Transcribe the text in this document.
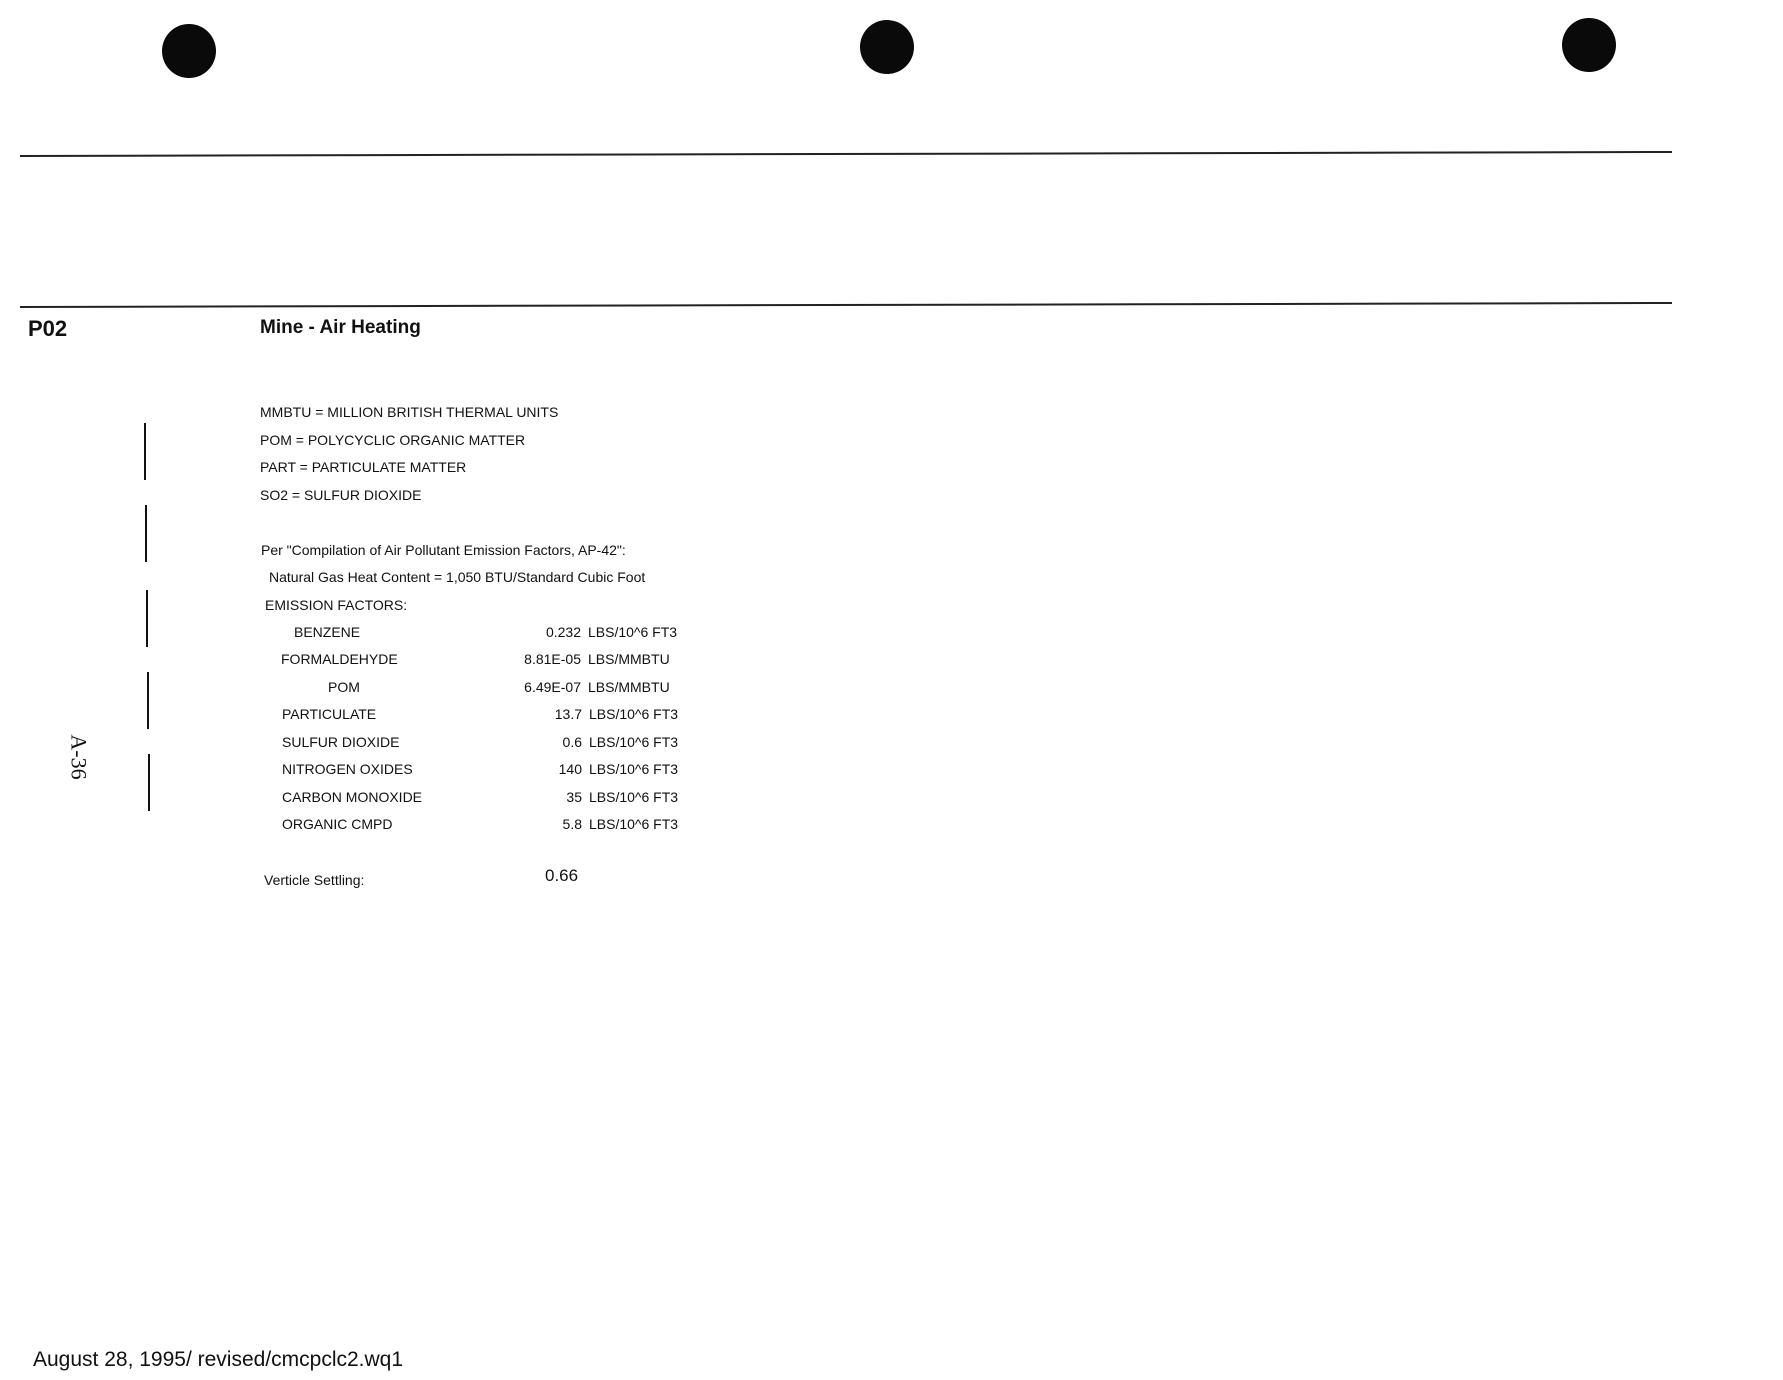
P02	Mine - Air Heating
A-36
MMBTU = MILLION BRITISH THERMAL UNITS
POM = POLYCYCLIC ORGANIC MATTER
PART = PARTICULATE MATTER
SO2 = SULFUR DIOXIDE
Per "Compilation of Air Pollutant Emission Factors, AP-42":
Natural Gas Heat Content = 1,050 BTU/Standard Cubic Foot
EMISSION FACTORS:
BENZENE	0.232 LBS/10^6 FT3
FORMALDEHYDE	8.81E-05 LBS/MMBTU
POM	6.49E-07 LBS/MMBTU
PARTICULATE	13.7 LBS/10^6 FT3
SULFUR DIOXIDE	0.6 LBS/10^6 FT3
NITROGEN OXIDES	140 LBS/10^6 FT3
CARBON MONOXIDE	35 LBS/10^6 FT3
ORGANIC CMPD	5.8 LBS/10^6 FT3
Verticle Settling:	0.66
August 28, 1995/ revised/cmcpclc2.wq1
